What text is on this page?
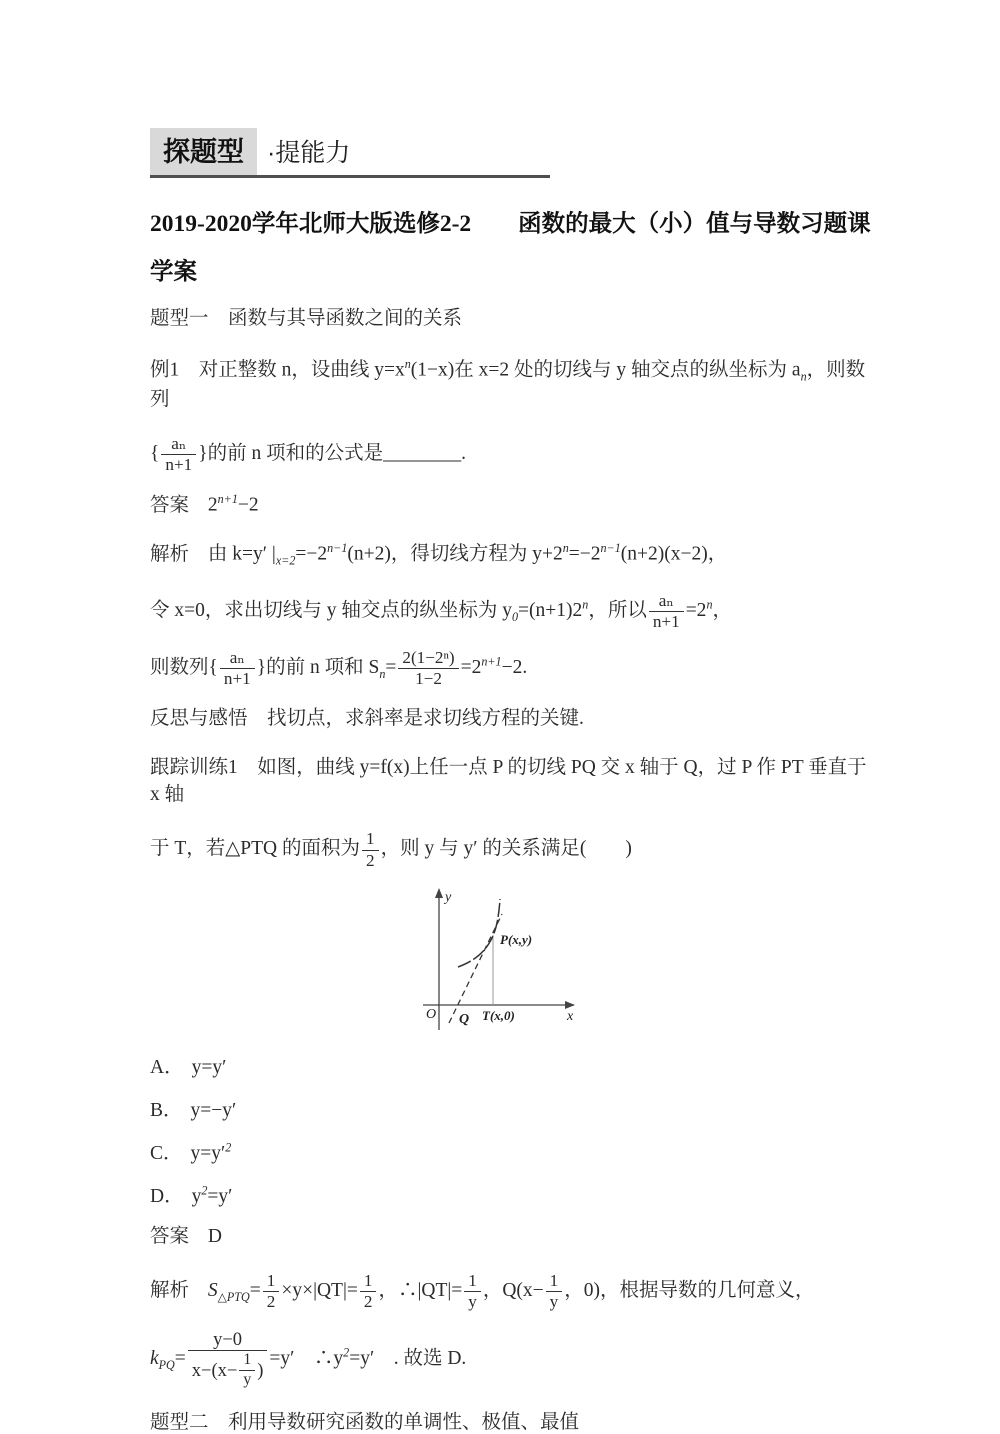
探题型 ·提能力
2019-2020学年北师大版选修2-2　　函数的最大（小）值与导数习题课　　学案
题型一　函数与其导函数之间的关系
例1　对正整数 n，设曲线 $y=x^n(1-x)$在 x=2 处的切线与 y 轴交点的纵坐标为 $a_n$，则数列
{ $\frac{\text{aₙ}}{n+1}$ }的前 n 项和的公式是________.
答案 $2^{n+1}-2$
解析 由 k=y′ $|_{x=2}=-2^{n-1}(n+2)$，得切线方程为 $y+2^n=-2^{n-1}(n+2)(x-2)$，
令 x=0，求出切线与 y 轴交点的纵坐标为 $y_0=(n+1)2^n$，所以 $\frac{\text{aₙ}}{n+1} =2^n$，
则数列{ $\frac{\text{aₙ}}{n+1}$ }的前 n 项和 $S_n= \frac{\text{2(1−2ⁿ)}}{1-2} =2^{n+1}-2$.
反思与感悟　找切点，求斜率是求切线方程的关键.
跟踪训练1　如图，曲线 y=f(x)上任一点 P 的切线 PQ 交 x 轴于 Q，过 P 作 PT 垂直于 x 轴
于 T，若△PTQ 的面积为 $\frac{1}{2}$ ，则 y 与 y′ 的关系满足(　　)
y
x
O Q T(x,0)
P(x,y)
A． y=y′
B． y=−y′
C． $y=y'^2$
D． $y^2=y'$
答案 D
解析 $S_{\triangle PTQ}= \frac{1}{2} \times y\times|QT|= \frac{1}{2}$ ，∴|QT|= $\frac{1}{y}$ ，$Q(x- \frac{1}{y}$ ，0)，根据导数的几何意义，
$k_{PQ}= \frac{y-0}{x-(x- \frac{1}{y} )} =y'$　$\therefore y^2=y'$　. 故选 D.
题型二　利用导数研究函数的单调性、极值、最值
